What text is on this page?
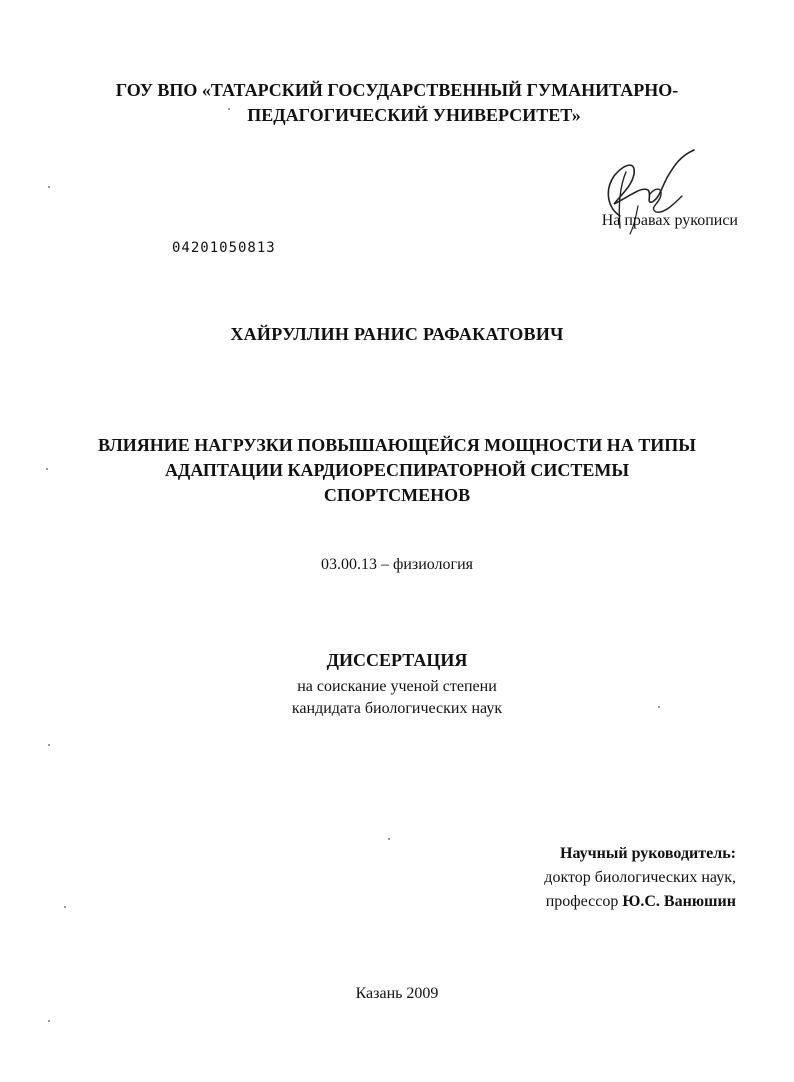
ГОУ ВПО «ТАТАРСКИЙ ГОСУДАРСТВЕННЫЙ ГУМАНИТАРНО-
ПЕДАГОГИЧЕСКИЙ УНИВЕРСИТЕТ»
На правах рукописи
04201050813
ХАЙРУЛЛИН РАНИС РАФАКАТОВИЧ
ВЛИЯНИЕ НАГРУЗКИ ПОВЫШАЮЩЕЙСЯ МОЩНОСТИ НА ТИПЫ
АДАПТАЦИИ КАРДИОРЕСПИРАТОРНОЙ СИСТЕМЫ
СПОРТСМЕНОВ
03.00.13 – физиология
ДИССЕРТАЦИЯ
на соискание ученой степени
кандидата биологических наук
Научный руководитель:
доктор биологических наук,
профессор Ю.С. Ванюшин
Казань 2009
